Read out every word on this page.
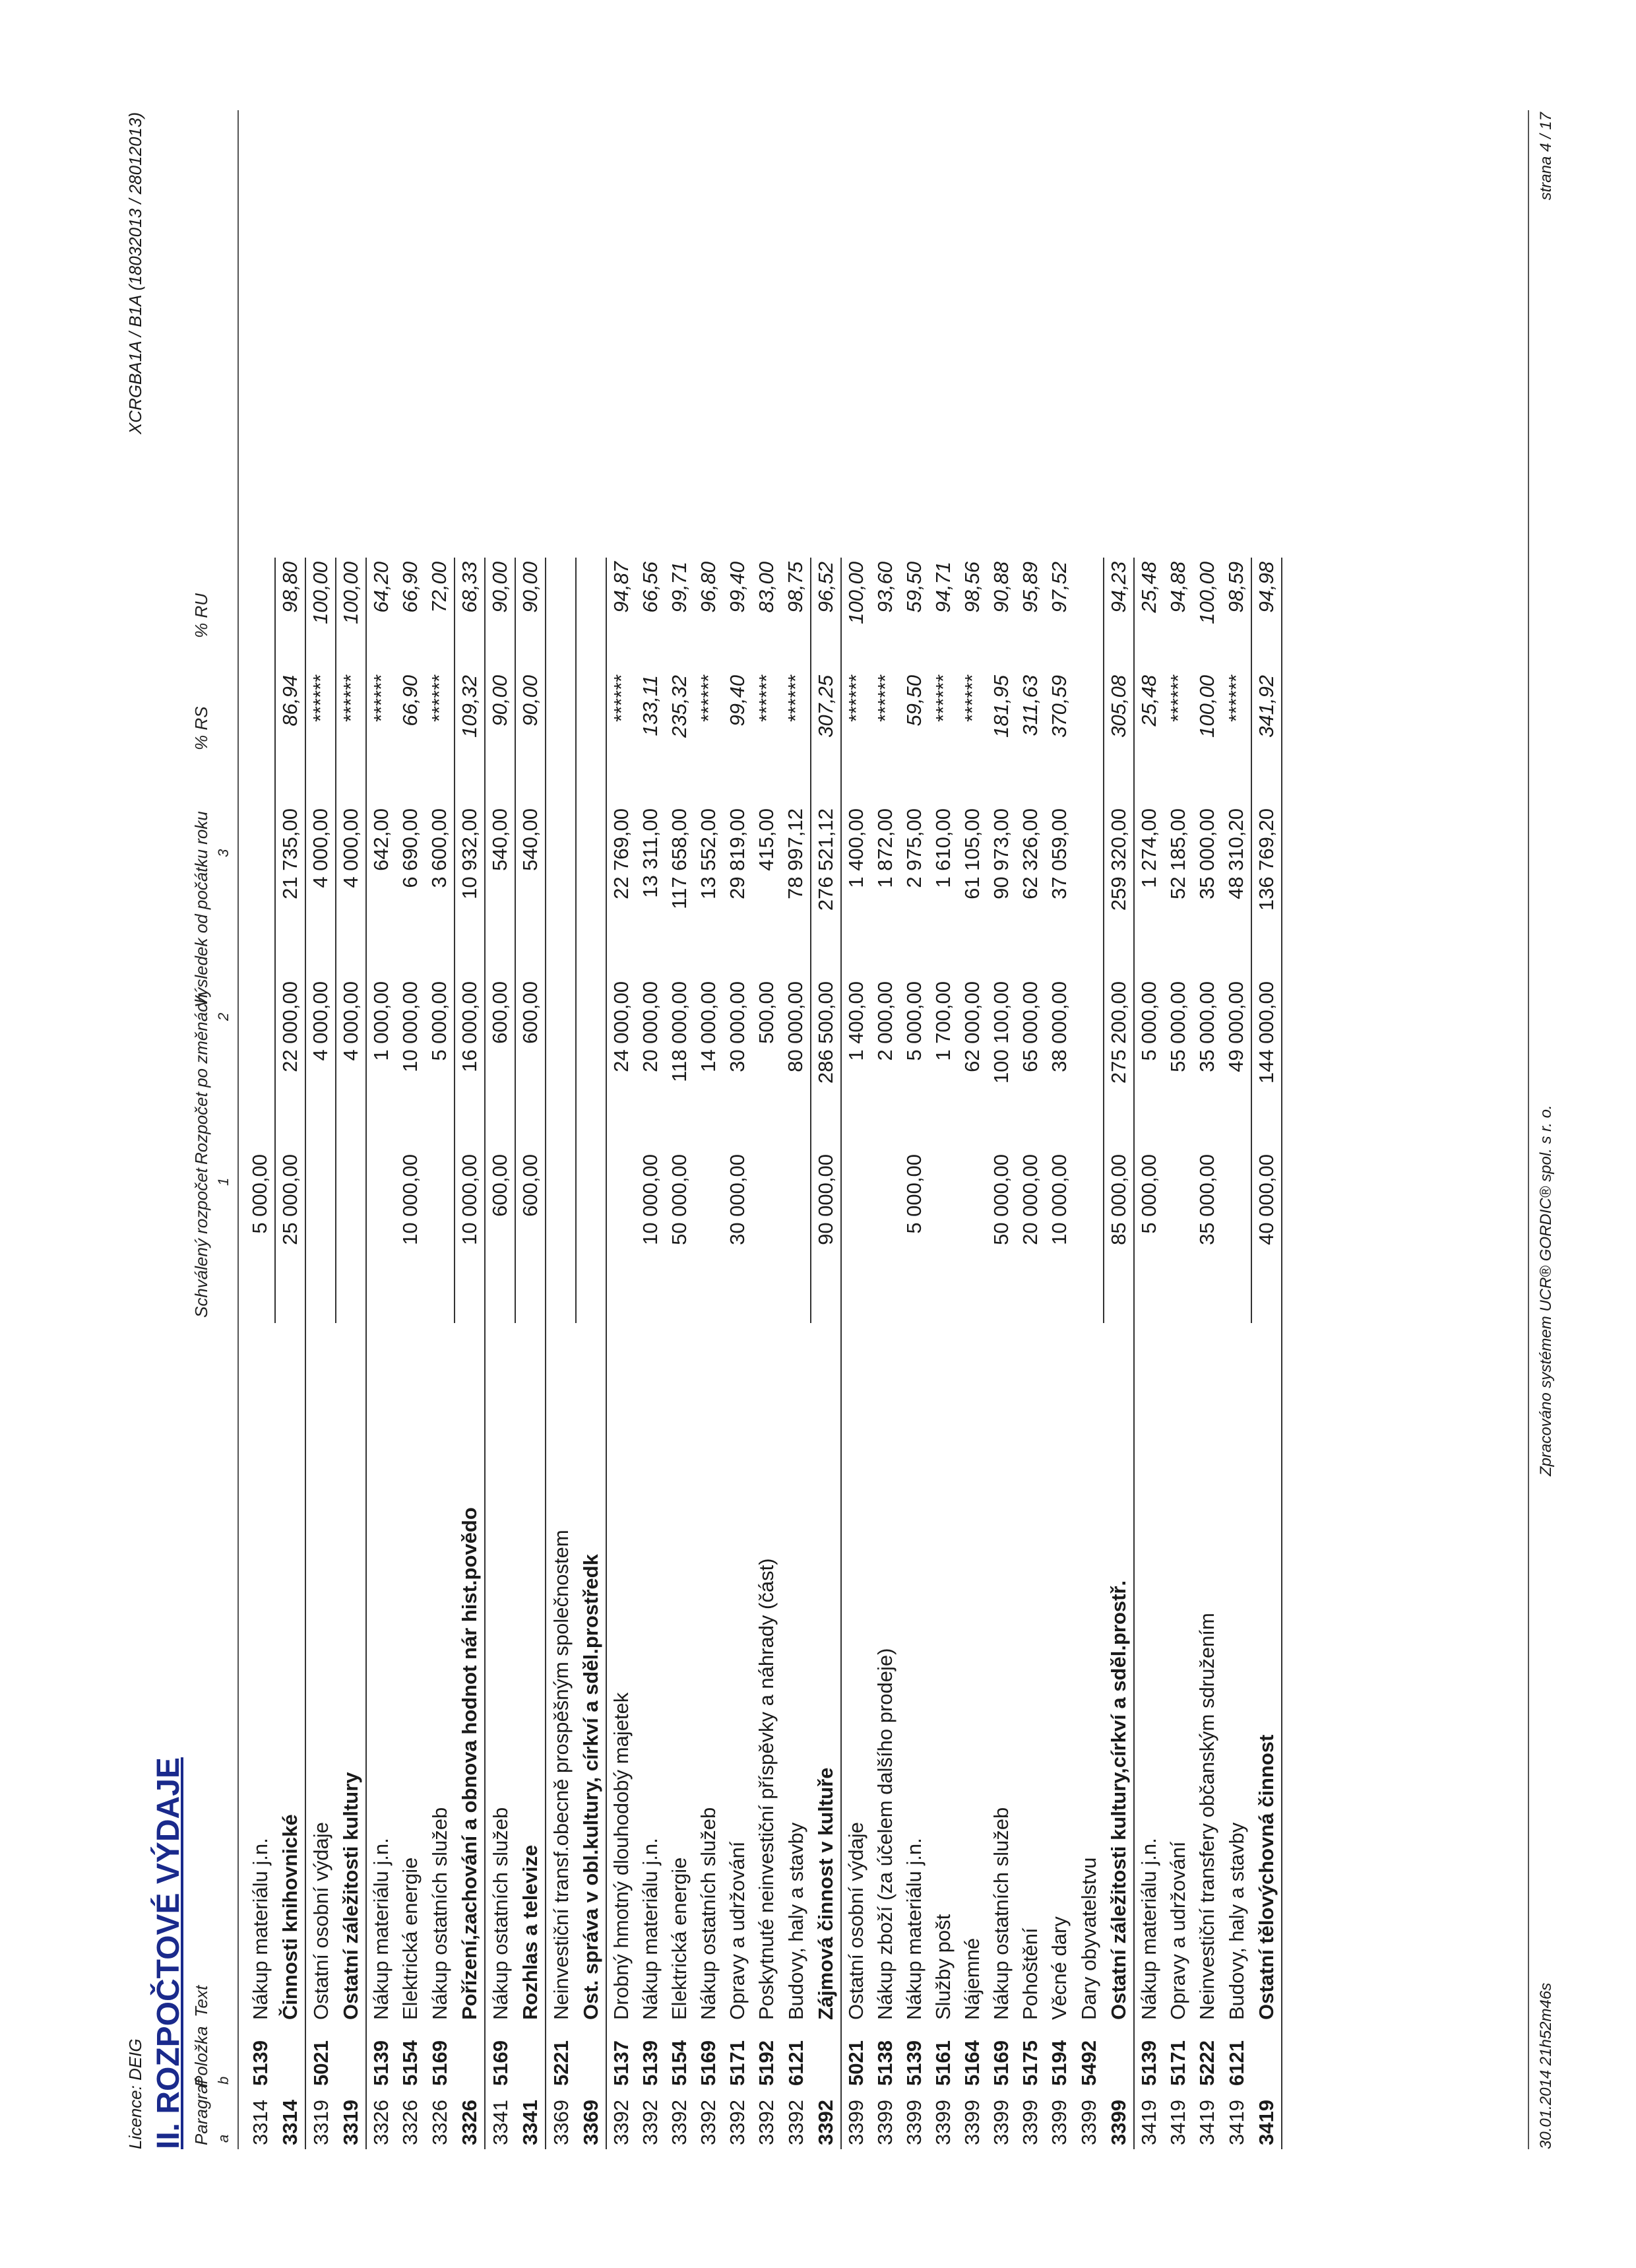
Licence: DEIG
XCRGBA1A / B1A (18032013 / 28012013)
II. ROZPOČTOVÉ VÝDAJE Paragraf
Položka
Text
Schválený rozpočet
Rozpočet po změnách
Výsledek od počátku roku
% RS
% RU
a
b
1
2
3
3314	5139	Nákup materiálu j.n.	5 000,00				
3314		Činnosti knihovnické	25 000,00	22 000,00	21 735,00	86,94	98,80
3319	5021	Ostatní osobní výdaje		4 000,00	4 000,00	******	100,00
3319		Ostatní záležitosti kultury		4 000,00	4 000,00	******	100,00
3326	5139	Nákup materiálu j.n.		1 000,00	642,00	******	64,20
3326	5154	Elektrická energie	10 000,00	10 000,00	6 690,00	66,90	66,90
3326	5169	Nákup ostatních služeb		5 000,00	3 600,00	******	72,00
3326		Pořízení,zachování a obnova hodnot nár hist.povědo	10 000,00	16 000,00	10 932,00	109,32	68,33
3341	5169	Nákup ostatních služeb	600,00	600,00	540,00	90,00	90,00
3341		Rozhlas a televize	600,00	600,00	540,00	90,00	90,00
3369	5221	Neinvestiční transf.obecně prospěšným společnostem					
3369		Ost. správa v obl.kultury, církví a sděl.prostředk					
3392	5137	Drobný hmotný dlouhodobý majetek		24 000,00	22 769,00	******	94,87
3392	5139	Nákup materiálu j.n.	10 000,00	20 000,00	13 311,00	133,11	66,56
3392	5154	Elektrická energie	50 000,00	118 000,00	117 658,00	235,32	99,71
3392	5169	Nákup ostatních služeb		14 000,00	13 552,00	******	96,80
3392	5171	Opravy a udržování	30 000,00	30 000,00	29 819,00	99,40	99,40
3392	5192	Poskytnuté neinvestiční příspěvky a náhrady (část)		500,00	415,00	******	83,00
3392	6121	Budovy, haly a stavby		80 000,00	78 997,12	******	98,75
3392		Zájmová činnost v kultuře	90 000,00	286 500,00	276 521,12	307,25	96,52
3399	5021	Ostatní osobní výdaje		1 400,00	1 400,00	******	100,00
3399	5138	Nákup zboží (za účelem dalšího prodeje)		2 000,00	1 872,00	******	93,60
3399	5139	Nákup materiálu j.n.	5 000,00	5 000,00	2 975,00	59,50	59,50
3399	5161	Služby pošt		1 700,00	1 610,00	******	94,71
3399	5164	Nájemné		62 000,00	61 105,00	******	98,56
3399	5169	Nákup ostatních služeb	50 000,00	100 100,00	90 973,00	181,95	90,88
3399	5175	Pohoštění	20 000,00	65 000,00	62 326,00	311,63	95,89
3399	5194	Věcné dary	10 000,00	38 000,00	37 059,00	370,59	97,52
3399	5492	Dary obyvatelstvu					
3399		Ostatní záležitosti kultury,církví a sděl.prostř.	85 000,00	275 200,00	259 320,00	305,08	94,23
3419	5139	Nákup materiálu j.n.	5 000,00	5 000,00	1 274,00	25,48	25,48
3419	5171	Opravy a udržování		55 000,00	52 185,00	******	94,88
3419	5222	Neinvestiční transfery občanským sdružením	35 000,00	35 000,00	35 000,00	100,00	100,00
3419	6121	Budovy, haly a stavby		49 000,00	48 310,20	******	98,59
3419		Ostatní tělovýchovná činnost	40 000,00	144 000,00	136 769,20	341,92	94,98
30.01.2014 21h52m46s
Zpracováno systémem UCR® GORDIC® spol. s r. o.
strana 4 / 17
